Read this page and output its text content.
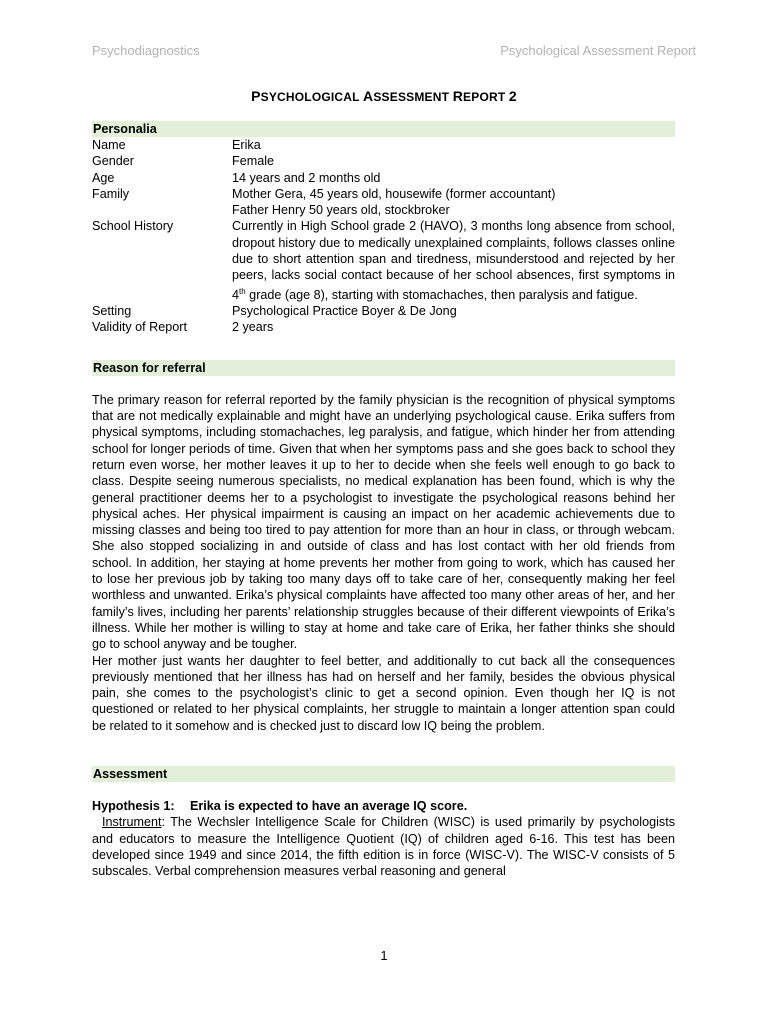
Psychodiagnostics	Psychological Assessment Report
PSYCHOLOGICAL ASSESSMENT REPORT 2
Personalia
Name	Erika
Gender	Female
Age	14 years and 2 months old
Family	Mother Gera, 45 years old, housewife (former accountant)
Father Henry 50 years old, stockbroker
School History	Currently in High School grade 2 (HAVO), 3 months long absence from school, dropout history due to medically unexplained complaints, follows classes online due to short attention span and tiredness, misunderstood and rejected by her peers, lacks social contact because of her school absences, first symptoms in 4th grade (age 8), starting with stomachaches, then paralysis and fatigue.
Setting	Psychological Practice Boyer & De Jong
Validity of Report	2 years
Reason for referral

The primary reason for referral reported by the family physician is the recognition of physical symptoms that are not medically explainable and might have an underlying psychological cause. Erika suffers from physical symptoms, including stomachaches, leg paralysis, and fatigue, which hinder her from attending school for longer periods of time. Given that when her symptoms pass and she goes back to school they return even worse, her mother leaves it up to her to decide when she feels well enough to go back to class. Despite seeing numerous specialists, no medical explanation has been found, which is why the general practitioner deems her to a psychologist to investigate the psychological reasons behind her physical aches. Her physical impairment is causing an impact on her academic achievements due to missing classes and being too tired to pay attention for more than an hour in class, or through webcam. She also stopped socializing in and outside of class and has lost contact with her old friends from school. In addition, her staying at home prevents her mother from going to work, which has caused her to lose her previous job by taking too many days off to take care of her, consequently making her feel worthless and unwanted. Erika’s physical complaints have affected too many other areas of her, and her family’s lives, including her parents’ relationship struggles because of their different viewpoints of Erika’s illness. While her mother is willing to stay at home and take care of Erika, her father thinks she should go to school anyway and be tougher.

Her mother just wants her daughter to feel better, and additionally to cut back all the consequences previously mentioned that her illness has had on herself and her family, besides the obvious physical pain, she comes to the psychologist’s clinic to get a second opinion. Even though her IQ is not questioned or related to her physical complaints, her struggle to maintain a longer attention span could be related to it somehow and is checked just to discard low IQ being the problem.

Assessment
Hypothesis 1: Erika is expected to have an average IQ score.

Instrument: The Wechsler Intelligence Scale for Children (WISC) is used primarily by psychologists and educators to measure the Intelligence Quotient (IQ) of children aged 6-16. This test has been developed since 1949 and since 2014, the fifth edition is in force (WISC-V). The WISC-V consists of 5 subscales. Verbal comprehension measures verbal reasoning and general

1
